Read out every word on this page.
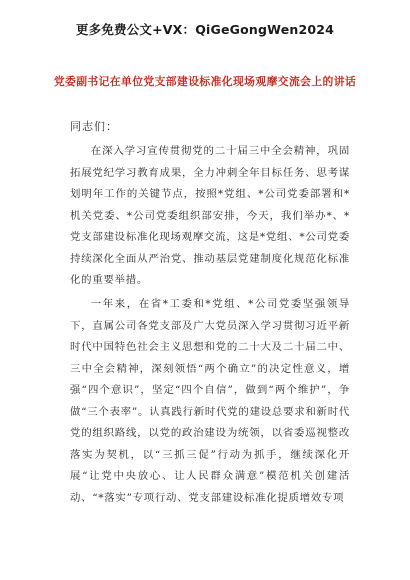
更多免费公文+VX：QiGeGongWen2024
党委副书记在单位党支部建设标准化现场观摩交流会上的讲话
同志们：

在深入学习宣传贯彻党的二十届三中全会精神，巩固拓展党纪学习教育成果，全力冲刺全年目标任务、思考谋划明年工作的关键节点，按照*党组、*公司党委部署和*机关党委、*公司党委组织部安排，今天，我们举办*、*党支部建设标准化现场观摩交流，这是*党组、*公司党委持续深化全面从严治党、推动基层党建制度化规范化标准化的重要举措。

一年来，在省*工委和*党组、*公司党委坚强领导下，直属公司各党支部及广大党员深入学习贯彻习近平新时代中国特色社会主义思想和党的二十大及二十届二中、三中全会精神，深刻领悟“两个确立”的决定性意义，增强“四个意识”，坚定“四个自信”，做到“两个维护”，争做“三个表率”。认真践行新时代党的建设总要求和新时代党的组织路线，以党的政治建设为统领，以省委巡视整改落实为契机，以“三抓三促”行动为抓手，继续深化开展“让党中央放心、让人民群众满意”模范机关创建活动、“*落实”专项行动、党支部建设标准化提质增效专项
